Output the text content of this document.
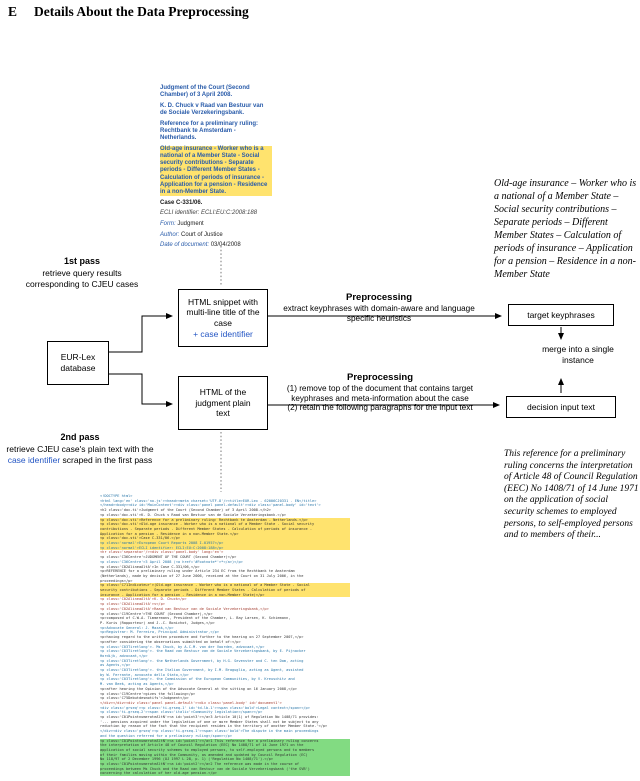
E Details About the Data Preprocessing

Judgment of the Court (Second Chamber) of 3 April 2008.

K. D. Chuck v Raad van Bestuur van de Sociale Verzekeringsbank.

Reference for a preliminary ruling: Rechtbank te Amsterdam - Netherlands.

Old-age insurance - Worker who is a national of a Member State - Social security contributions - Separate periods - Different Member States - Calculation of periods of insurance - Application for a pension - Residence in a non-Member State.

Case C-331/06.

ECLI identifier: ECLI:EU:C:2008:188

Form: Judgment

Author: Court of Justice

Date of document: 03/04/2008

Old-age insurance – Worker who is a national of a Member State – Social security contributions – Separate periods – Different Member States – Calculation of periods of insurance – Application for a pension – Residence in a non-Member State
1st pass
retrieve query results corresponding to CJEU cases
HTML snippet with multi-line title of the case
+ case identifier
Preprocessing
extract keyphrases with domain-aware and language specific heuristics	target keyphrases
merge into a single instance
decision input text
EUR-Lex database
HTML of the judgment plain text
Preprocessing
(1) remove top of the document that contains target keyphrases and meta-information about the case
(2) retain the following paragraphs for the input text
2nd pass
retrieve CJEU case's plain text with the case identifier scraped in the first pass
This reference for a preliminary ruling concerns the interpretation of Article 48 of Council Regulation (EEC) No 1408/71 of 14 June 1971 on the application of social security schemes to employed persons, to self-employed persons and to members of their...
<!DOCTYPE html>
<html lang='en' class='no-js'><head><meta charset='UTF-8'/><title>EUR-Lex - 62006CJ0331 - EN</title>
</head><body><div id='MainContent'><div class='panel panel-default'><div class='panel-body' id='text'>
<h2 class='doc-ti'>Judgment of the Court (Second Chamber) of 3 April 2008.</h2>
<p class='doc-sti'>K. D. Chuck v Raad van Bestuur van de Sociale Verzekeringsbank.</p>
<p class='doc-sti'>Reference for a preliminary ruling: Rechtbank te Amsterdam - Netherlands.</p>
<p class='doc-sti'>Old-age insurance - Worker who is a national of a Member State - Social security
contributions - Separate periods - Different Member States - Calculation of periods of insurance -
Application for a pension - Residence in a non-Member State.</p>
<p class='doc-sti'>Case C-331/06.</p>
<p class='normal'>European Court Reports 2008 I-01957</p>
<p class='normal'>ECLI identifier: ECLI:EU:C:2008:188</p>
<hr class='separator'/><div class='panel-body' lang='en'>
<p class='C36Centre'>JUDGMENT OF THE COURT (Second Chamber)</p>
<p class='C36Centre'>3 April 2008 (<a href='#Footnote*'>*</a>)</p>
<p class='C02AlineaAltA'>In Case C-331/06,</p>
<p>REFERENCE for a preliminary ruling under Article 234 EC from the Rechtbank te Amsterdam
(Netherlands), made by decision of 27 June 2006, received at the Court on 31 July 2006, in the
proceedings</p>
<p class='C71Indicateur'>(Old-age insurance - Worker who is a national of a Member State - Social
security contributions - Separate periods - Different Member States - Calculation of periods of
insurance - Application for a pension - Residence in a non-Member State)</p>
<p class='C02AlineaAltA'>K. D. Chuck</p>
<p class='C02AlineaAltA'>v</p>
<p class='C02AlineaAltA'>Raad van Bestuur van de Sociale Verzekeringsbank,</p>
<p class='C19Centre'>THE COURT (Second Chamber),</p>
<p>composed of C.W.A. Timmermans, President of the Chamber, L. Bay Larsen, K. Schiemann,
P. Kuris (Rapporteur) and J.-C. Bonichot, Judges,</p>
<p>Advocate General: J. Mazak,</p>
<p>Registrar: M. Ferreira, Principal Administrator,</p>
<p>having regard to the written procedure and further to the hearing on 27 September 2007,</p>
<p>after considering the observations submitted on behalf of:</p>
<p class='C03Tiretlong'>- Ms Chuck, by A.C.M. van der Voorden, advocaat,</p>
<p class='C03Tiretlong'>- the Raad van Bestuur van de Sociale Verzekeringsbank, by E. Pijnacker
Hordijk, advocaat,</p>
<p class='C03Tiretlong'>- the Netherlands Government, by H.G. Sevenster and C. ten Dam, acting
as Agents,</p>
<p class='C03Tiretlong'>- the Italian Government, by I.M. Braguglia, acting as Agent, assisted
by W. Ferrante, avvocato dello Stato,</p>
<p class='C03Tiretlong'>- the Commission of the European Communities, by V. Kreuschitz and
M. van Beek, acting as Agents,</p>
<p>after hearing the Opinion of the Advocate General at the sitting on 16 January 2008,</p>
<p class='C19Centre'>gives the following</p>
<p class='C75Debutdesmotifs'>Judgment</p>
</div></div><div class='panel panel-default'><div class='panel-body' id='document1'>
<div class='grseq'><p class='ti-grseq-1' id='td-lb-1'><span class='bold'>Legal context</span></p>
<p class='ti-grseq-2'><span class='italic'>Community legislation</span></p>
<p class='C01PointnumeroteAltN'><a id='point3'></a>3 Article 10(1) of Regulation No 1408/71 provides:
'... pensions acquired under the legislation of one or more Member States shall not be subject to any
reduction by reason of the fact that the recipient resides in the territory of another Member State.'</p>
</div><div class='grseq'><p class='ti-grseq-1'><span class='bold'>The dispute in the main proceedings
and the question referred for a preliminary ruling</span></p>
<p class='C01PointnumeroteAltN'><a id='point1'></a>1 This reference for a preliminary ruling concerns
the interpretation of Article 48 of Council Regulation (EEC) No 1408/71 of 14 June 1971 on the
application of social security schemes to employed persons, to self-employed persons and to members
of their families moving within the Community, as amended and updated by Council Regulation (EC)
No 118/97 of 2 December 1996 (OJ 1997 L 28, p. 1) ('Regulation No 1408/71').</p>
<p class='C01PointnumeroteAltN'><a id='point2'></a>2 The reference was made in the course of
proceedings between Ms Chuck and the Raad van Bestuur van de Sociale Verzekeringsbank ('the SVB')
concerning the calculation of her old-age pension.</p>
